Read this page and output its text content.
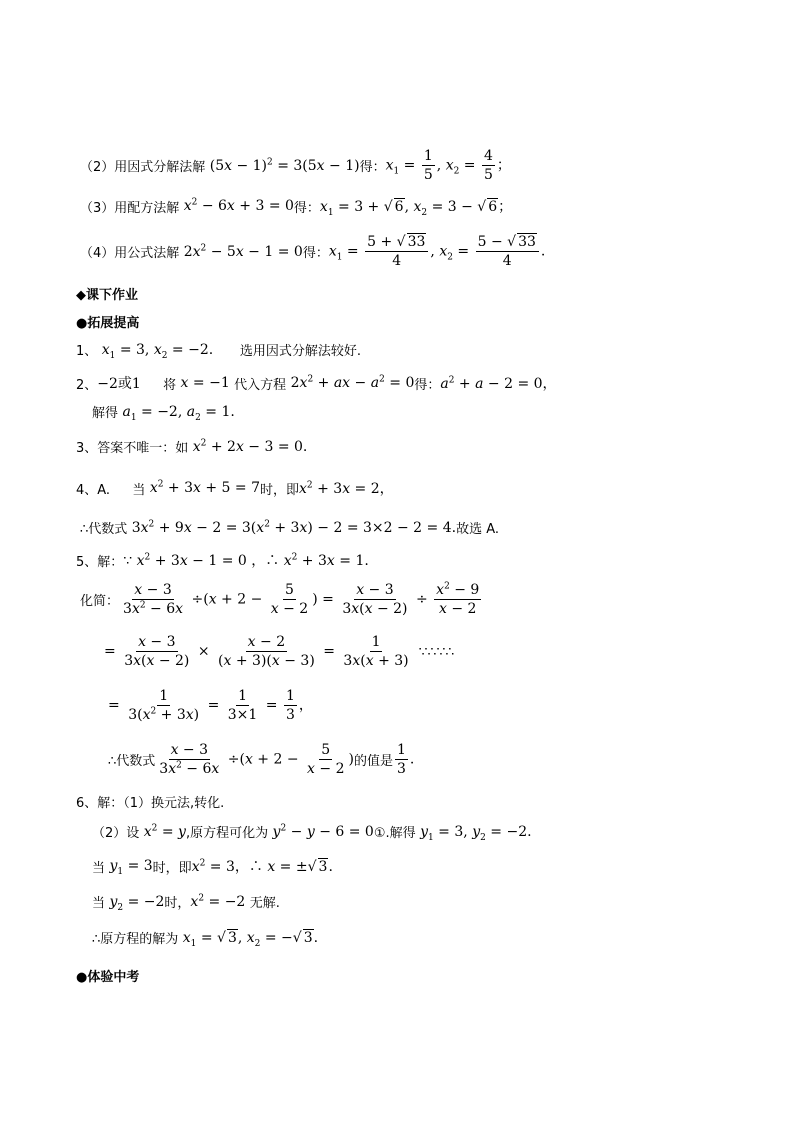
（2）用因式分解法解 $(5x - 1)^2 = 3(5x - 1)$ 得： $x_1 = \frac{1}{5}$ , $x_2 = \frac{4}{5}$ ；
（3）用配方法解 $x^2 - 6x + 3 = 0$ 得： $x_1 = 3$ + √ 6, $x_2 = 3$ − √ 6；
（4）用公式法解 $2x^2 - 5x - 1 = 0$ 得： $x_1 = \frac{5 + √ 33}{4}$ , $x_2 = \frac{5 - √ 33}{4}$ .
◆课下作业
●拓展提高
1、 $x_1 = 3$, $x_2 = -2$. 选用因式分解法较好.
2、 −2或1 将 x = −1 代入方程 $2x^2$ + ax − $a^2 = 0$ 得： $a^2 + a - 2 = 0$，
解得 $a_1 = -2$, $a_2 = 1$.
3、 答案不唯一：如 $x^2 + 2x - 3 = 0$.
4、A.
当 $x^2 + 3x + 5 = 7$ 时，即 $x^2 + 3x = 2$，
∴代数式 $3x^2 + 9x - 2 = 3(x^2 + 3x) - 2 = 3\times 2 - 2 = 4$. 故选 A.
5、解： ∵ $x^2 + 3x - 1 = 0$ ，∴ $x^2 + 3x = 1$.
化简： $\frac{x - 3}{3x^2 - 6x} \div(x + 2 - \frac{5}{x - 2}$ ) = $\frac{x - 3}{3x(x - 2)} \div \frac{x^2 - 9}{x - 2}$
= $\frac{x - 3}{3x(x - 2)} \times \frac{x - 2}{(x + 3)(x - 3)} = \frac{1}{3x(x + 3)}$ ∵∴∵∴
= $\frac{1}{3(x^2 + 3x)} = \frac{1}{3\times 1} = \frac{1}{3}$ ，
∴代数式 $\frac{x - 3}{3x^2 - 6x} \div(x + 2 - \frac{5}{x - 2}$ ) 的值是 $\frac{1}{3}$ .
6、解：（1）换元法,转化.
（2）设 $x^2 = y$ ,原方程可化为 $y^2 - y - 6 = 0$ ①.解得 $y_1 = 3$, $y_2 = -2$.
当 $y_1 = 3$ 时，即 $x^2 = 3$，∴ x = ±√ 3.
当 $y_2 = -2$ 时， $x^2 = -2$ 无解.
∴原方程的解为 $x_1$ = √ 3, $x_2$ = −√ 3.
●体验中考
